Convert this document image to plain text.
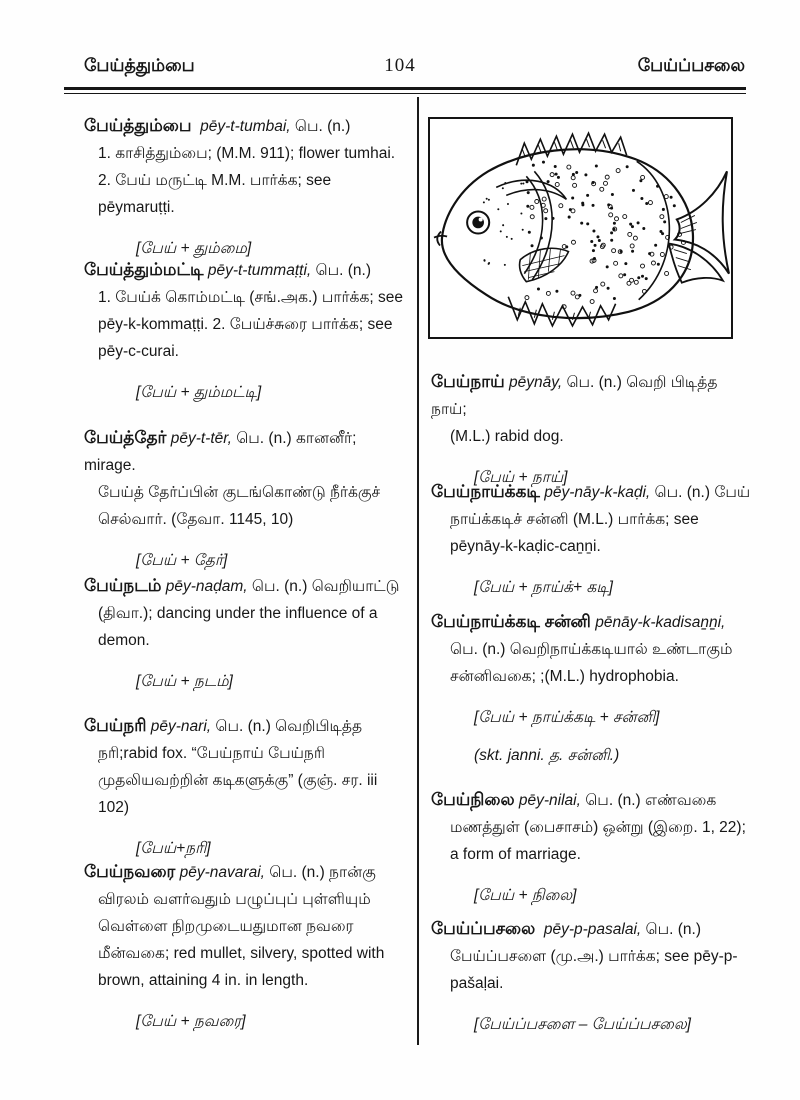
பேய்த்தும்பை	104	பேய்ப்பசலை

பேய்த்தும்பை pēy-t-tumbai, பெ. (n.)

1. காசித்தும்பை; (M.M. 911); flower tumhai.

2. பேய் மருட்டி M.M. பார்க்க; see pēymaruṭṭi.

[பேய் + தும்மை]

பேய்த்தும்மட்டி pēy-t-tummaṭṭi, பெ. (n.)

1. பேய்க் கொம்மட்டி (சங்.அக.) பார்க்க; see

pēy-k-kommaṭṭi. 2. பேய்ச்சுரை பார்க்க; see

pēy-c-curai.

[பேய் + தும்மட்டி]

பேய்த்தேர் pēy-t-tēr, பெ. (n.) கானனீர்; mirage.

பேய்த் தேர்ப்பின் குடங்கொண்டு நீர்க்குச்

செல்வார். (தேவா. 1145, 10)

[பேய் + தேர்]

பேய்நடம் pēy-naḍam, பெ. (n.) வெறியாட்டு

(திவா.); dancing under the influence of a

demon.

[பேய் + நடம்]

பேய்நரி pēy-nari, பெ. (n.) வெறிபிடித்த

நரி;rabid fox. “பேய்நாய் பேய்நரி

முதலியவற்றின் கடிகளுக்கு” (குஞ். சர. iii 102)

[பேய்+நரி]

பேய்நவரை pēy-navarai, பெ. (n.) நான்கு

விரலம் வளர்வதும் பழுப்புப் புள்ளியும்

வெள்ளை நிறமுடையதுமான நவரை

மீன்வகை; red mullet, silvery, spotted with

brown, attaining 4 in. in length.

[பேய் + நவரை]

பேய்நாய் pēynāy, பெ. (n.) வெறி பிடித்த நாய்;

(M.L.) rabid dog.

[பேய் + நாய்]

பேய்நாய்க்கடி pēy-nāy-k-kaḍi, பெ. (n.) பேய்

நாய்க்கடிச் சன்னி (M.L.) பார்க்க; see

pēynāy-k-kaḍic-caṉṉi.

[பேய் + நாய்க்+ கடி]

பேய்நாய்க்கடி சன்னி pēnāy-k-kadisaṉṉi,

பெ. (n.) வெறிநாய்க்கடியால் உண்டாகும்

சன்னிவகை; ;(M.L.) hydrophobia.

[பேய் + நாய்க்கடி + சன்னி]

(skt. janni. த. சன்னி.)

பேய்நிலை pēy-nilai, பெ. (n.) எண்வகை

மணத்துள் (பைசாசம்) ஒன்று (இறை. 1, 22);

a form of marriage.

[பேய் + நிலை]

பேய்ப்பசலை pēy-p-pasalai, பெ. (n.)

பேய்ப்பசளை (மு.அ.) பார்க்க; see pēy-p-

pašaḷai.

[பேய்ப்பசளை – பேய்ப்பசலை]
